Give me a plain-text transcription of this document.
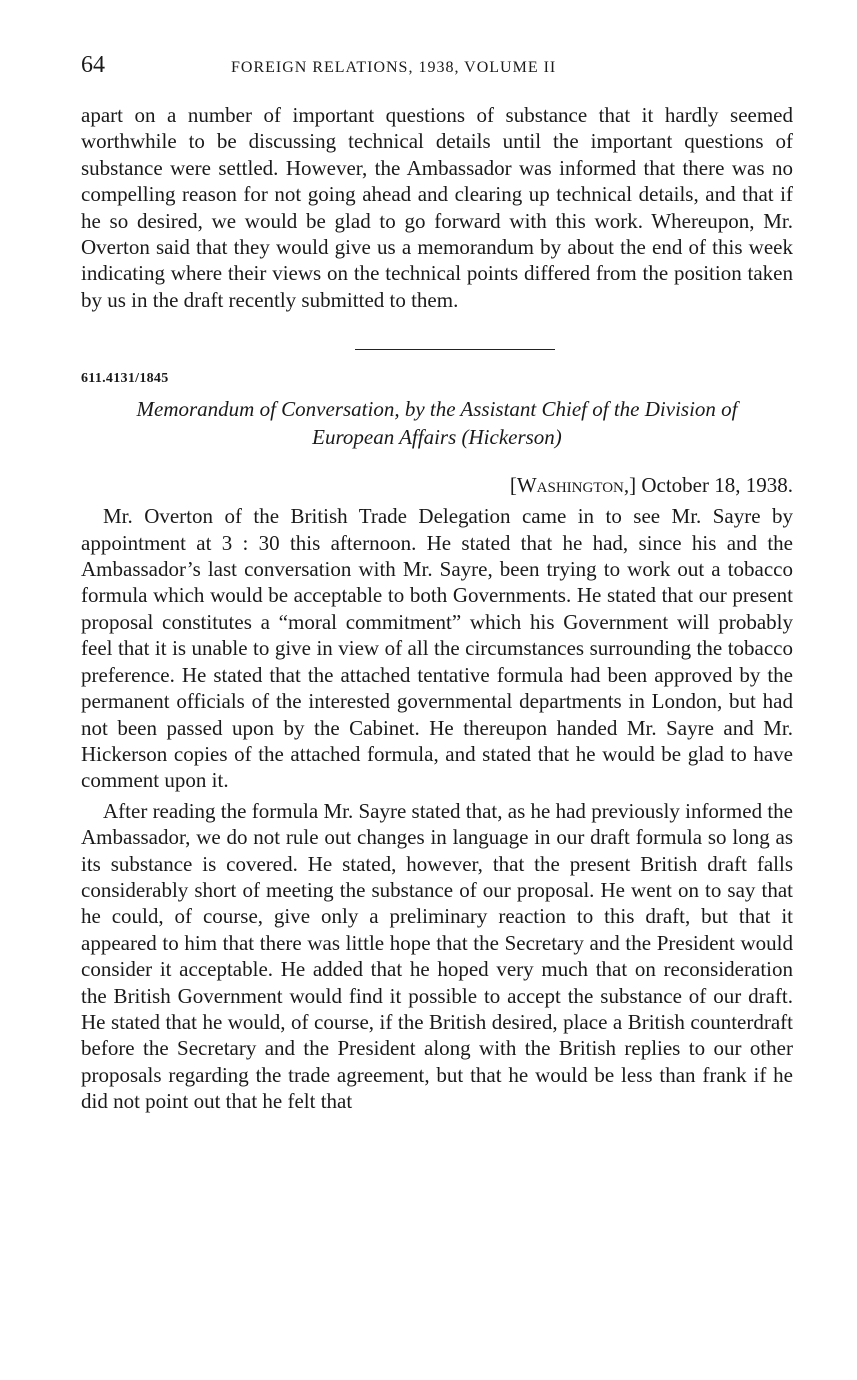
64	FOREIGN RELATIONS, 1938, VOLUME II

apart on a number of important questions of substance that it hardly seemed worthwhile to be discussing technical details until the important questions of substance were settled. However, the Ambassador was informed that there was no compelling reason for not going ahead and clearing up technical details, and that if he so desired, we would be glad to go forward with this work. Whereupon, Mr. Overton said that they would give us a memorandum by about the end of this week indicating where their views on the technical points differed from the position taken by us in the draft recently submitted to them.

611.4131/1845
Memorandum of Conversation, by the Assistant Chief of the Division of European Affairs (Hickerson)
[Washington,] October 18, 1938.

Mr. Overton of the British Trade Delegation came in to see Mr. Sayre by appointment at 3 : 30 this afternoon. He stated that he had, since his and the Ambassador’s last conversation with Mr. Sayre, been trying to work out a tobacco formula which would be acceptable to both Governments. He stated that our present proposal constitutes a “moral commitment” which his Government will probably feel that it is unable to give in view of all the circumstances surrounding the tobacco preference. He stated that the attached tentative formula had been approved by the permanent officials of the interested governmental departments in London, but had not been passed upon by the Cabinet. He thereupon handed Mr. Sayre and Mr. Hickerson copies of the attached formula, and stated that he would be glad to have comment upon it.

After reading the formula Mr. Sayre stated that, as he had previously informed the Ambassador, we do not rule out changes in language in our draft formula so long as its substance is covered. He stated, however, that the present British draft falls considerably short of meeting the substance of our proposal. He went on to say that he could, of course, give only a preliminary reaction to this draft, but that it appeared to him that there was little hope that the Secretary and the President would consider it acceptable. He added that he hoped very much that on reconsideration the British Government would find it possible to accept the substance of our draft. He stated that he would, of course, if the British desired, place a British counterdraft before the Secretary and the President along with the British replies to our other proposals regarding the trade agreement, but that he would be less than frank if he did not point out that he felt that
